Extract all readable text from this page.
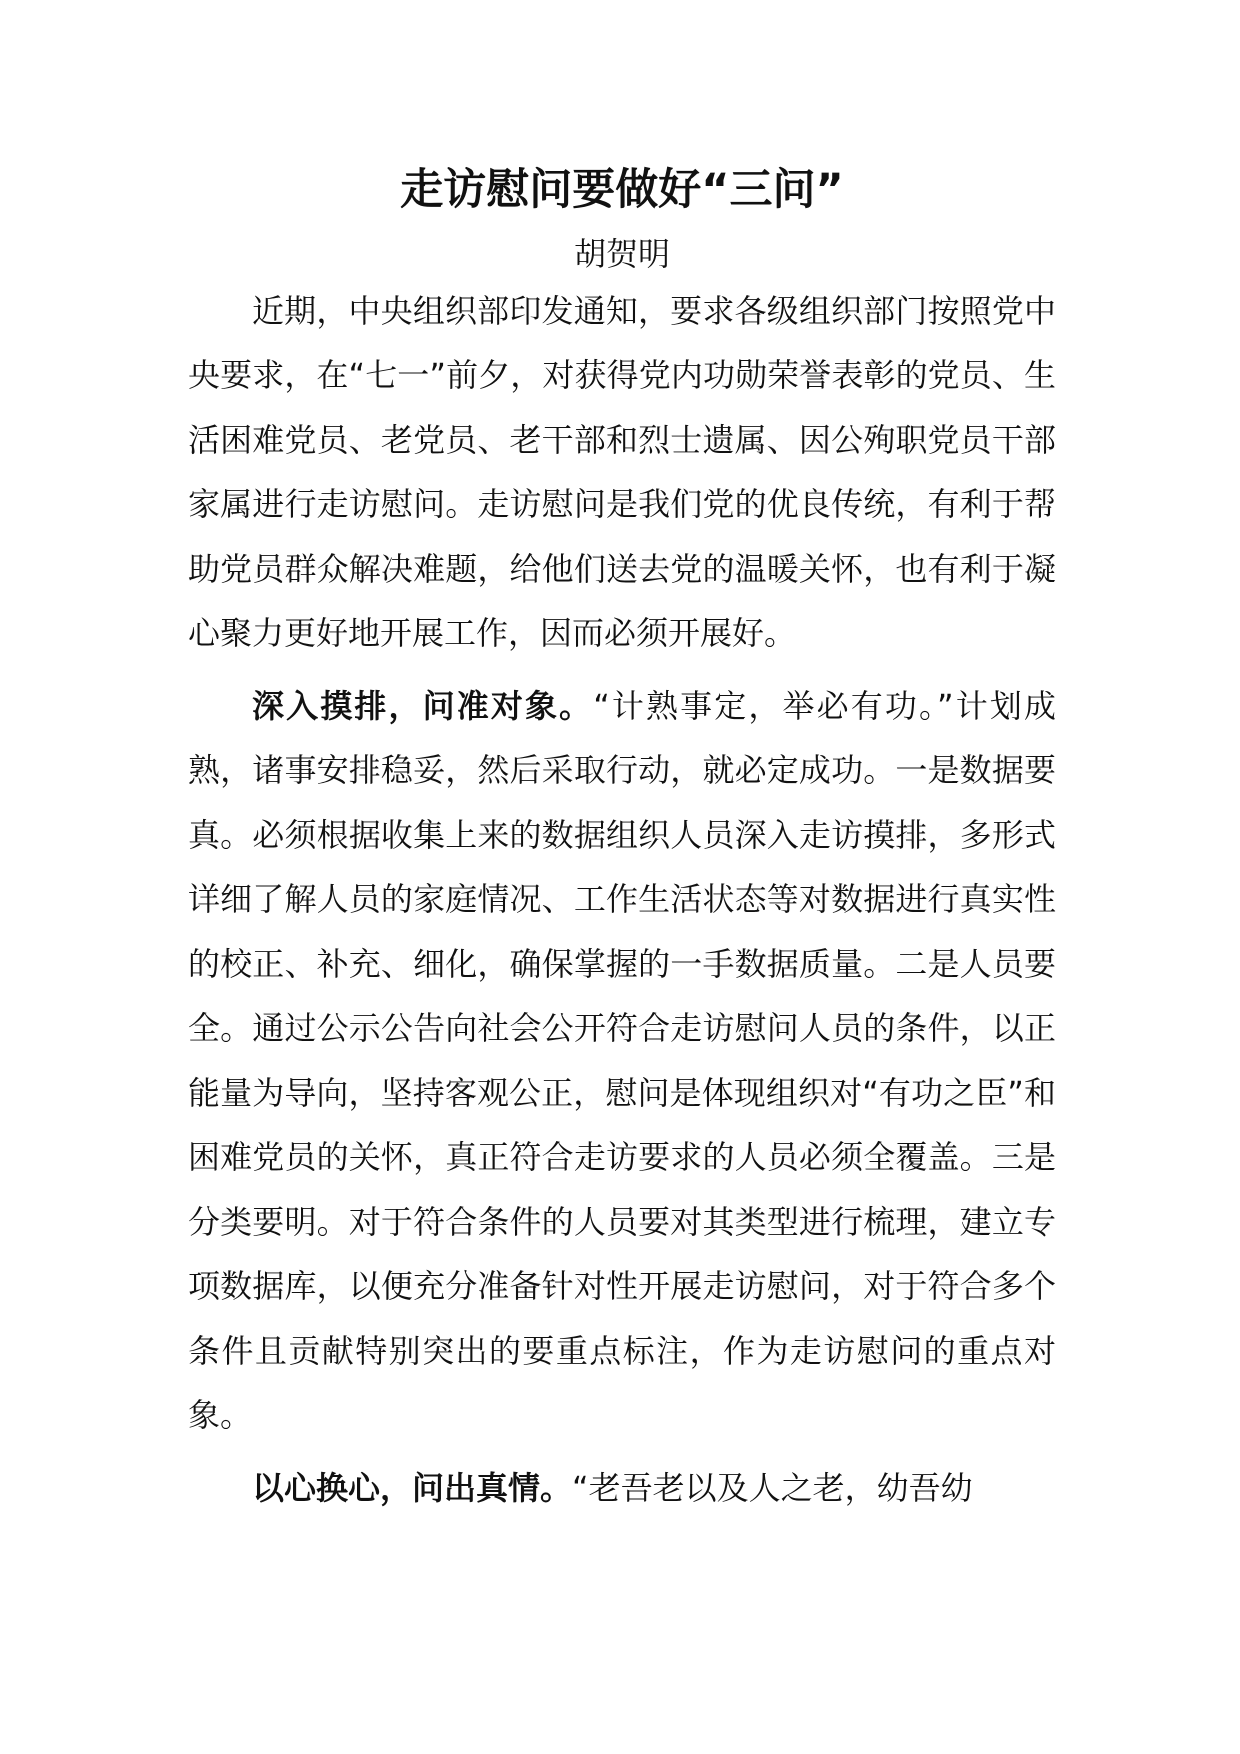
走访慰问要做好“三问”
胡贺明

近期，中央组织部印发通知，要求各级组织部门按照党中央要求，在“七一”前夕，对获得党内功勋荣誉表彰的党员、生活困难党员、老党员、老干部和烈士遗属、因公殉职党员干部家属进行走访慰问。走访慰问是我们党的优良传统，有利于帮助党员群众解决难题，给他们送去党的温暖关怀，也有利于凝心聚力更好地开展工作，因而必须开展好。

深入摸排，问准对象。“计熟事定，举必有功。”计划成熟，诸事安排稳妥，然后采取行动，就必定成功。一是数据要真。必须根据收集上来的数据组织人员深入走访摸排，多形式详细了解人员的家庭情况、工作生活状态等对数据进行真实性的校正、补充、细化，确保掌握的一手数据质量。二是人员要全。通过公示公告向社会公开符合走访慰问人员的条件，以正能量为导向，坚持客观公正，慰问是体现组织对“有功之臣”和困难党员的关怀，真正符合走访要求的人员必须全覆盖。三是分类要明。对于符合条件的人员要对其类型进行梳理，建立专项数据库，以便充分准备针对性开展走访慰问，对于符合多个条件且贡献特别突出的要重点标注，作为走访慰问的重点对象。

以心换心，问出真情。“老吾老以及人之老，幼吾幼
